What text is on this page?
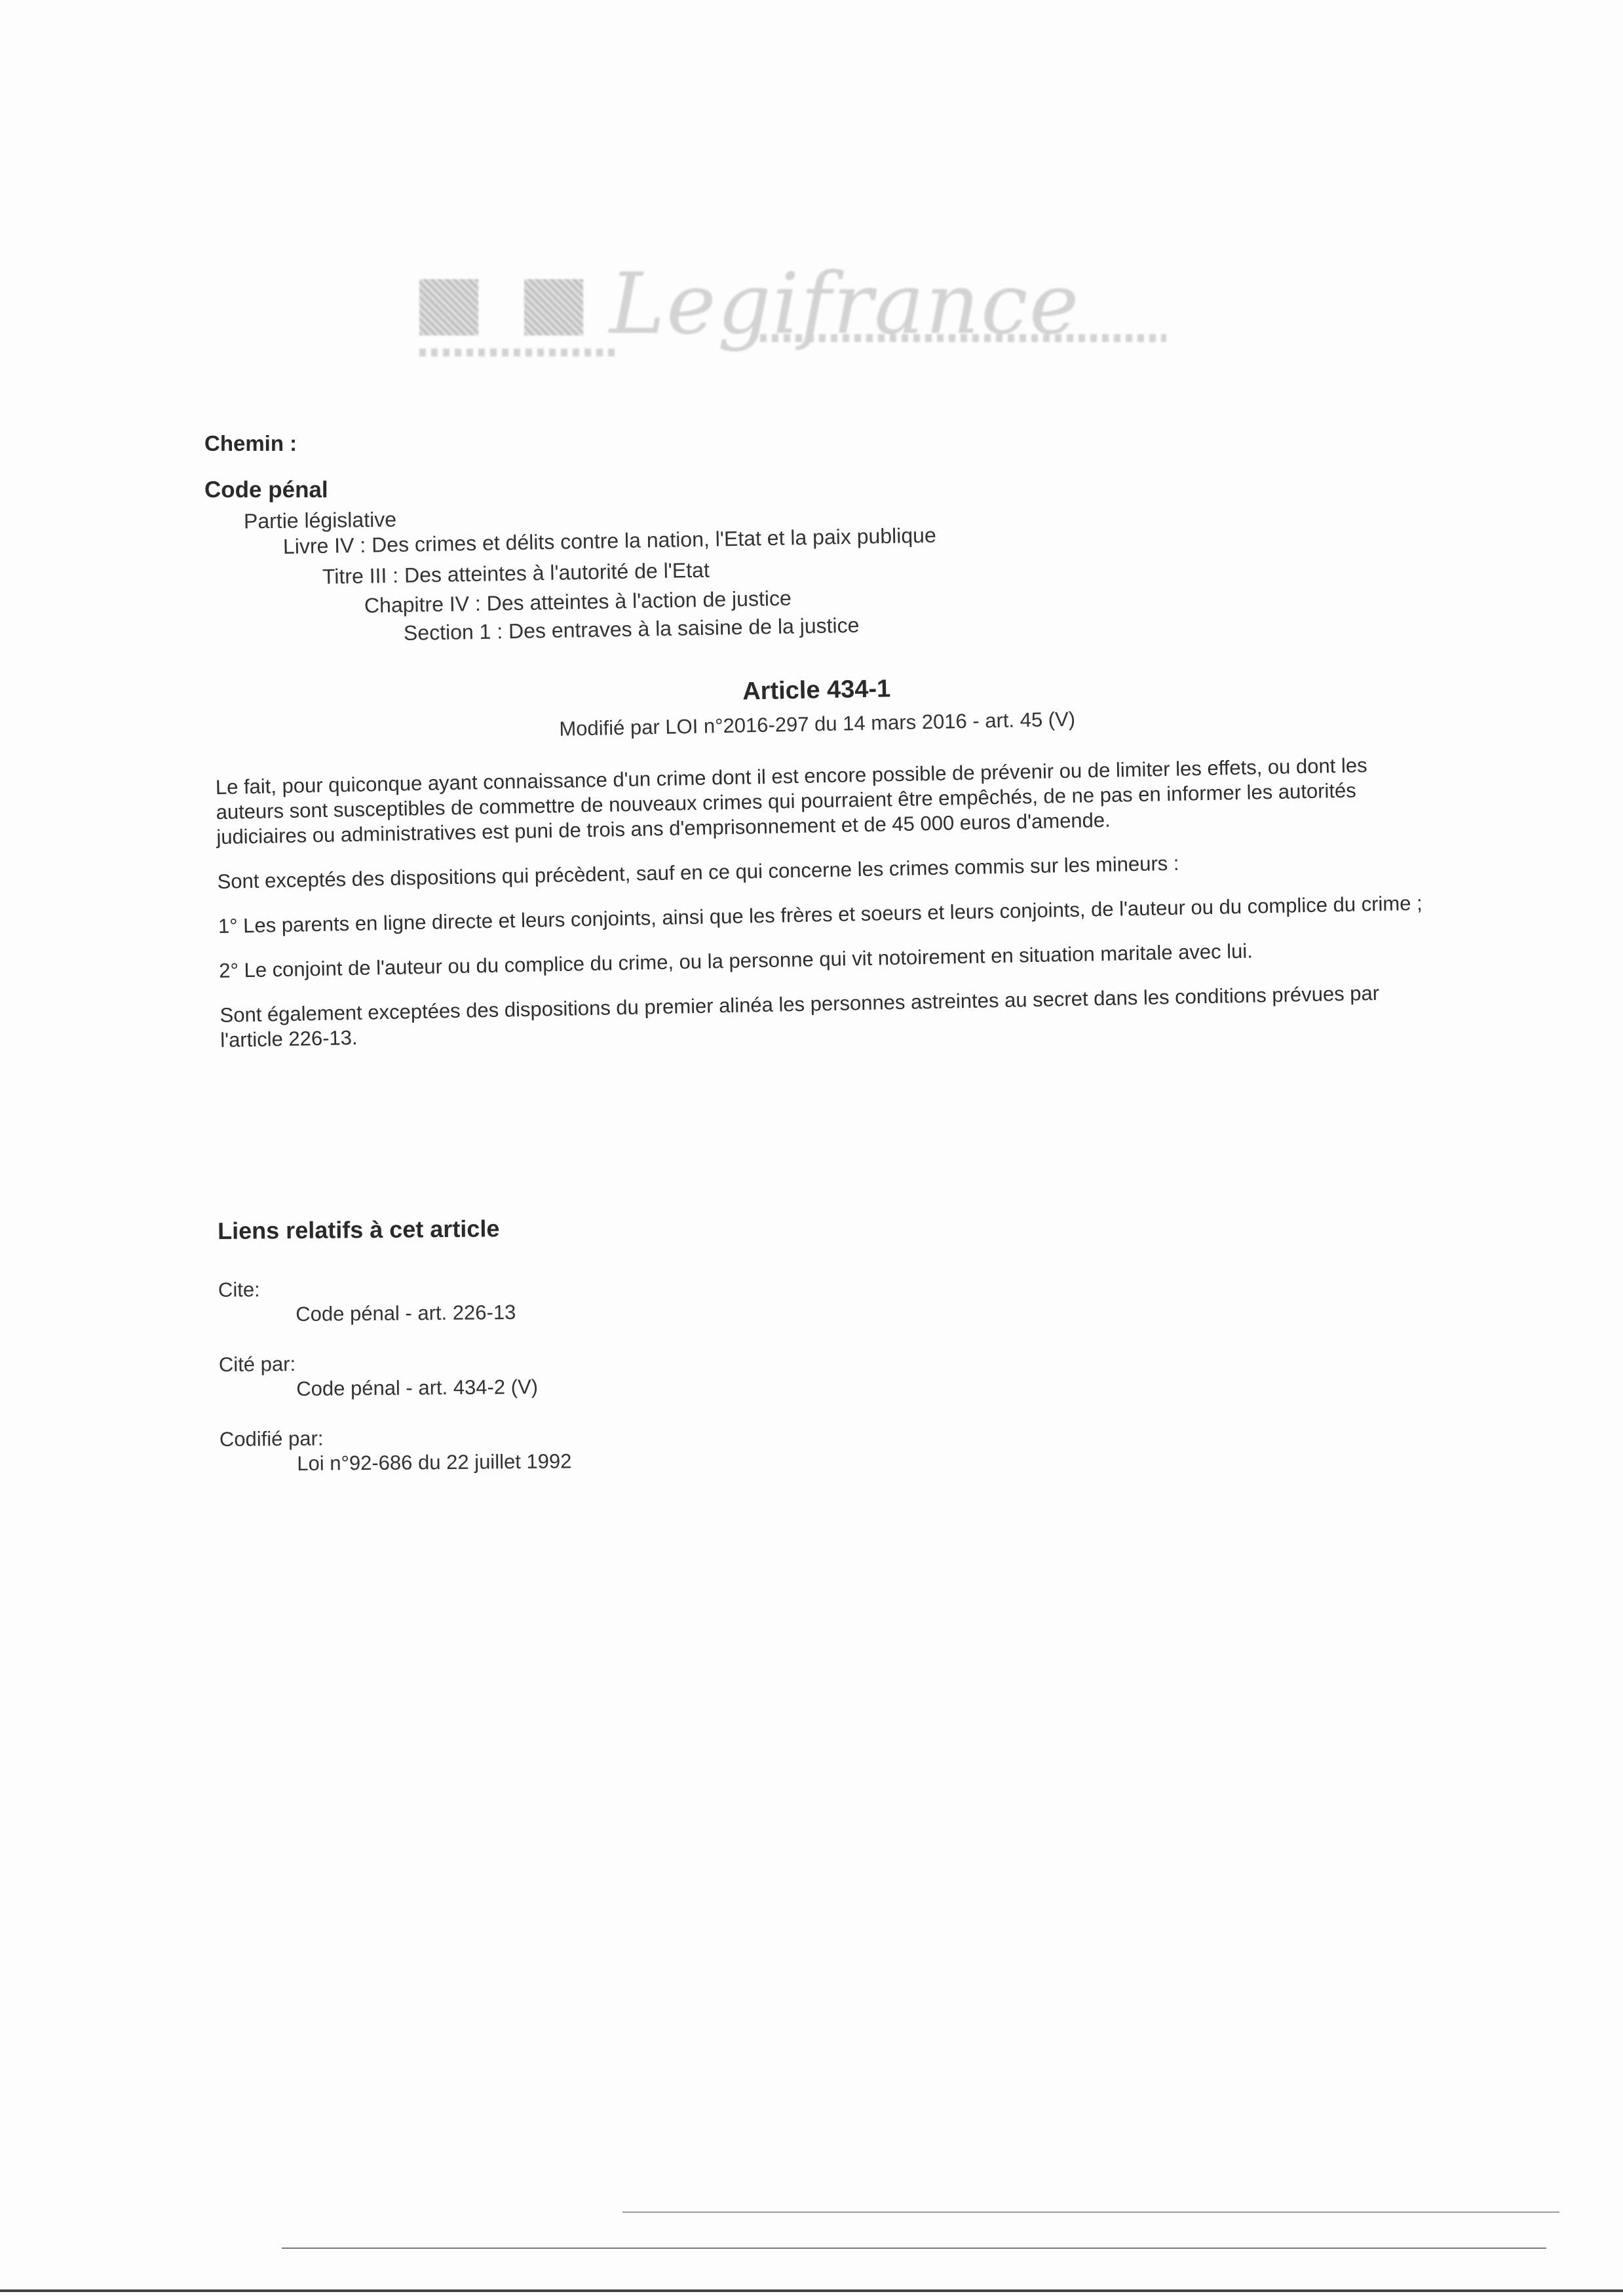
Legifrance
Chemin :
Code pénal
Partie législative
Livre IV : Des crimes et délits contre la nation, l'Etat et la paix publique
Titre III : Des atteintes à l'autorité de l'Etat
Chapitre IV : Des atteintes à l'action de justice
Section 1 : Des entraves à la saisine de la justice
Article 434-1
Modifié par LOI n°2016-297 du 14 mars 2016 - art. 45 (V)

Le fait, pour quiconque ayant connaissance d'un crime dont il est encore possible de prévenir ou de limiter les effets, ou dont les auteurs sont susceptibles de commettre de nouveaux crimes qui pourraient être empêchés, de ne pas en informer les autorités judiciaires ou administratives est puni de trois ans d'emprisonnement et de 45 000 euros d'amende.

Sont exceptés des dispositions qui précèdent, sauf en ce qui concerne les crimes commis sur les mineurs :

1° Les parents en ligne directe et leurs conjoints, ainsi que les frères et soeurs et leurs conjoints, de l'auteur ou du complice du crime ;

2° Le conjoint de l'auteur ou du complice du crime, ou la personne qui vit notoirement en situation maritale avec lui.

Sont également exceptées des dispositions du premier alinéa les personnes astreintes au secret dans les conditions prévues par l'article 226-13.

Liens relatifs à cet article
Cite:
Code pénal - art. 226-13
Cité par:
Code pénal - art. 434-2 (V)
Codifié par:
Loi n°92-686 du 22 juillet 1992
